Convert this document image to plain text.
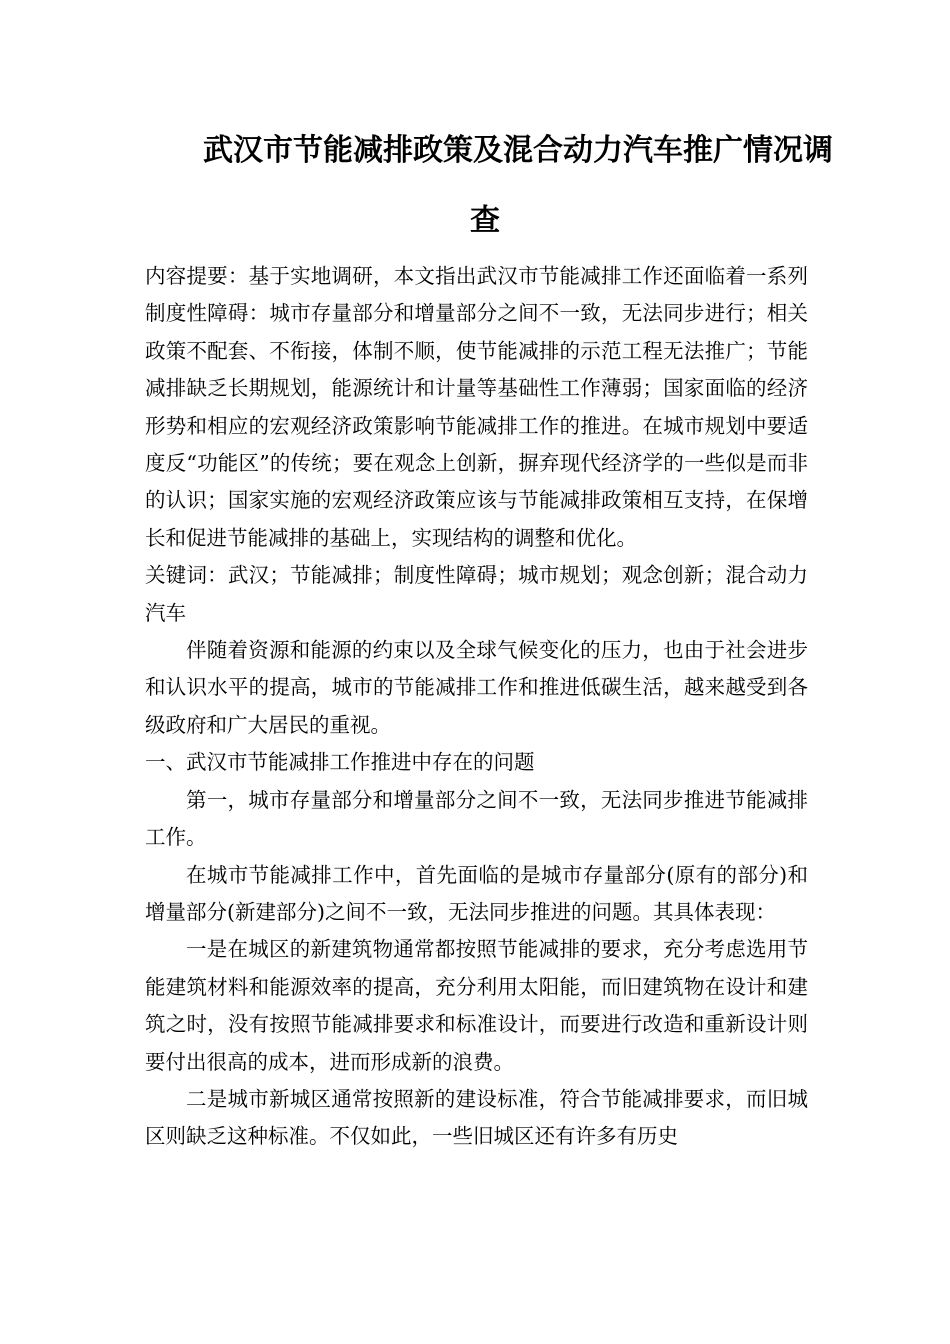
武汉市节能减排政策及混合动力汽车推广情况调
查

内容提要：基于实地调研，本文指出武汉市节能减排工作还面临着一系列制度性障碍：城市存量部分和增量部分之间不一致，无法同步进行；相关政策不配套、不衔接，体制不顺，使节能减排的示范工程无法推广；节能减排缺乏长期规划，能源统计和计量等基础性工作薄弱；国家面临的经济形势和相应的宏观经济政策影响节能减排工作的推进。在城市规划中要适度反“功能区”的传统；要在观念上创新，摒弃现代经济学的一些似是而非的认识；国家实施的宏观经济政策应该与节能减排政策相互支持，在保增长和促进节能减排的基础上，实现结构的调整和优化。

关键词：武汉；节能减排；制度性障碍；城市规划；观念创新；混合动力汽车

伴随着资源和能源的约束以及全球气候变化的压力，也由于社会进步和认识水平的提高，城市的节能减排工作和推进低碳生活，越来越受到各级政府和广大居民的重视。

一、武汉市节能减排工作推进中存在的问题

第一，城市存量部分和增量部分之间不一致，无法同步推进节能减排工作。

在城市节能减排工作中，首先面临的是城市存量部分(原有的部分)和增量部分(新建部分)之间不一致，无法同步推进的问题。其具体表现：

一是在城区的新建筑物通常都按照节能减排的要求，充分考虑选用节能建筑材料和能源效率的提高，充分利用太阳能，而旧建筑物在设计和建筑之时，没有按照节能减排要求和标准设计，而要进行改造和重新设计则要付出很高的成本，进而形成新的浪费。

二是城市新城区通常按照新的建设标准，符合节能减排要求，而旧城区则缺乏这种标准。不仅如此，一些旧城区还有许多有历史
